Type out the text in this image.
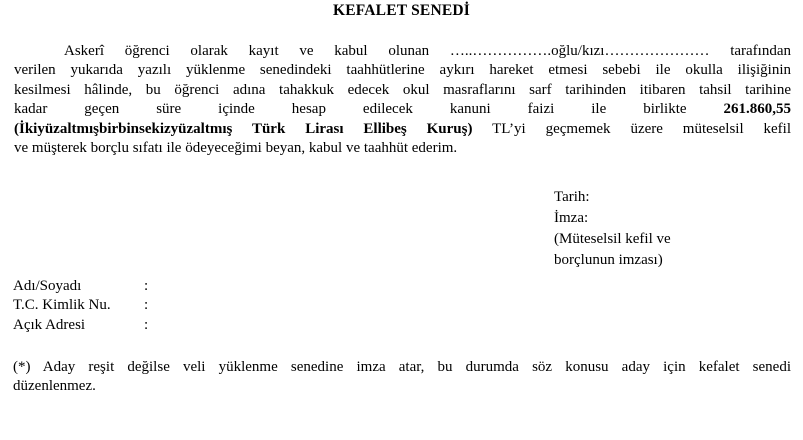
KEFALET SENEDİ
Askerî öğrenci olarak kayıt ve kabul olunan …..…………….oğlu/kızı………………… tarafından
verilen yukarıda yazılı yüklenme senedindeki taahhütlerine aykırı hareket etmesi sebebi ile okulla ilişiğinin
kesilmesi hâlinde, bu öğrenci adına tahakkuk edecek okul masraflarını sarf tarihinden itibaren tahsil tarihine
kadar geçen süre içinde hesap edilecek kanuni faizi ile birlikte 261.860,55
(İkiyüzaltmışbirbinsekizyüzaltmış Türk Lirası Ellibeş Kuruş) TL’yi geçmemek üzere müteselsil kefil
ve müşterek borçlu sıfatı ile ödeyeceğimi beyan, kabul ve taahhüt ederim.
Tarih:
İmza:
(Müteselsil kefil ve
borçlunun imzası)
Adı/Soyadı	:
T.C. Kimlik Nu.	:
Açık Adresi	:
(*) Aday reşit değilse veli yüklenme senedine imza atar, bu durumda söz konusu aday için kefalet senedi
düzenlenmez.
